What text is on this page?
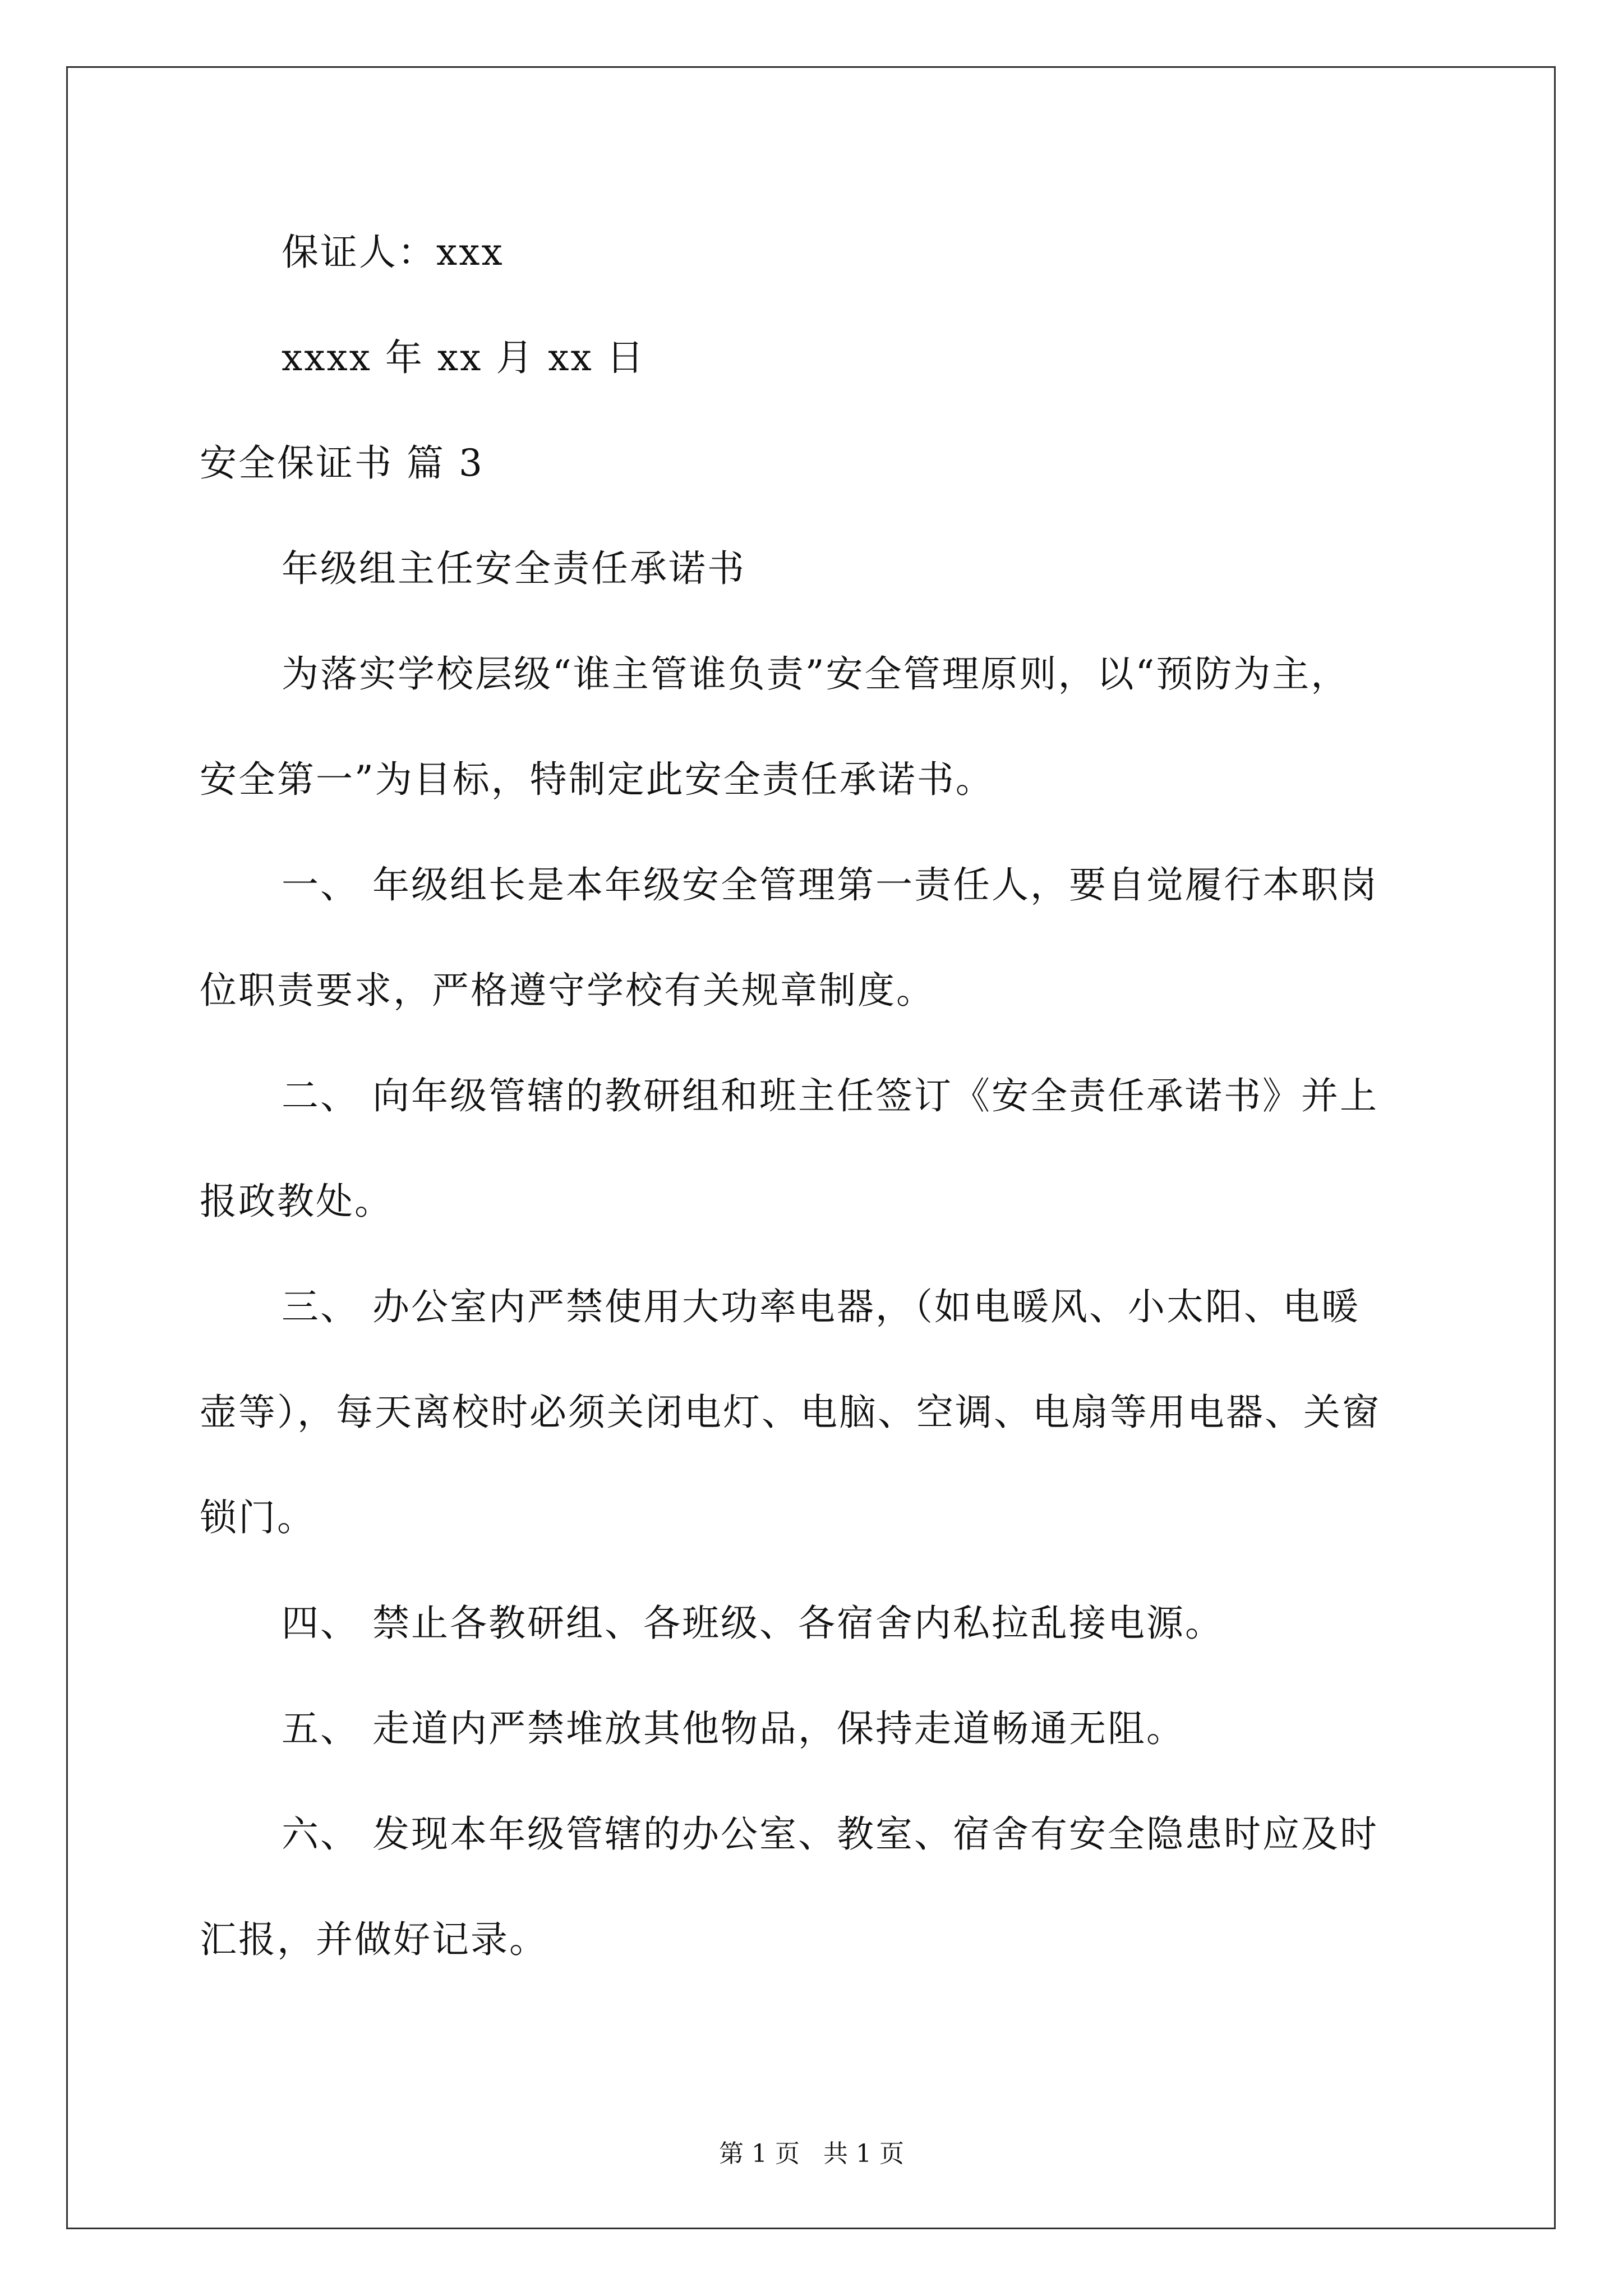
保证人：xxx

xxxx 年 xx 月 xx 日

安全保证书 篇 3

年级组主任安全责任承诺书

为落实学校层级“谁主管谁负责”安全管理原则，以“预防为主，

安全第一”为目标，特制定此安全责任承诺书。

一、 年级组长是本年级安全管理第一责任人，要自觉履行本职岗

位职责要求，严格遵守学校有关规章制度。

二、 向年级管辖的教研组和班主任签订《安全责任承诺书》并上

报政教处。

三、 办公室内严禁使用大功率电器，（如电暖风、小太阳、电暖

壶等），每天离校时必须关闭电灯、电脑、空调、电扇等用电器、关窗

锁门。

四、 禁止各教研组、各班级、各宿舍内私拉乱接电源。

五、 走道内严禁堆放其他物品，保持走道畅通无阻。

六、 发现本年级管辖的办公室、教室、宿舍有安全隐患时应及时

汇报，并做好记录。

第 1 页   共 1 页
